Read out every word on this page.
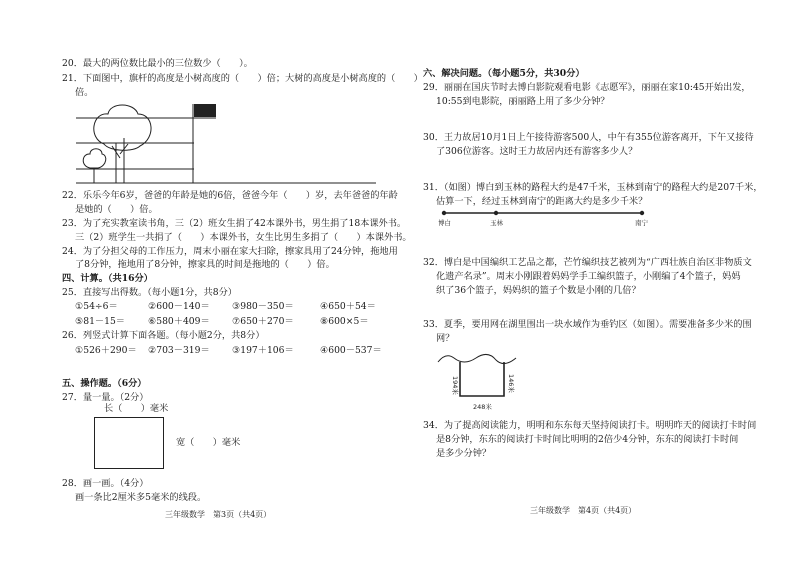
20．最大的两位数比最小的三位数少（　　）。
21．下面图中，旗杆的高度是小树高度的（　　）倍；大树的高度是小树高度的（　　）
倍。
22．乐乐今年6岁，爸爸的年龄是她的6倍，爸爸今年（　　）岁，去年爸爸的年龄
是她的（　　）倍。
23．为了充实教室读书角，三（2）班女生捐了42本课外书，男生捐了18本课外书。
三（2）班学生一共捐了（　　）本课外书，女生比男生多捐了（　　）本课外书。
24．为了分担父母的工作压力，周末小丽在家大扫除，擦家具用了24分钟，拖地用
了8分钟，拖地用了8分钟，擦家具的时间是拖地的（　　）倍。
四、计算。（共16分）
25．直接写出得数。（每小题1分，共8分）
①54÷6＝	②600－140＝ ③980－350＝	④650＋54＝
⑤81－15＝	⑥580＋409＝ ⑦650＋270＝	⑧600×5＝
26．列竖式计算下面各题。（每小题2分，共8分）
①526＋290＝ ②703－319＝ ③197＋106＝	④600－537＝
五、操作题。（6分）
27．量一量。（2分）
长（　　）毫米
宽（　　）毫米
28．画一画。（4分）
画一条比2厘米多5毫米的线段。
三年级数学　第3页（共4页）
六、解决问题。（每小题5分，共30分）
29．丽丽在国庆节时去博白影院观看电影《志愿军》，丽丽在家10:45开始出发，
10:55到电影院，丽丽路上用了多少分钟？
30．王力故居10月1日上午接待游客500人，中午有355位游客离开，下午又接待
了306位游客。这时王力故居内还有游客多少人？
31．（如图）博白到玉林的路程大约是47千米，玉林到南宁的路程大约是207千米，
估算一下，经过玉林到南宁的距离大约是多少千米？
博白	玉林	南宁
32．博白是中国编织工艺品之都，芒竹编织技艺被列为“广西壮族自治区非物质文
化遗产名录”。周末小刚跟着妈妈学手工编织篮子，小刚编了4个篮子，妈妈
织了36个篮子，妈妈织的篮子个数是小刚的几倍？
33．夏季，要用网在湖里围出一块水域作为垂钓区（如图）。需要准备多少米的围
网？
194米	146米
248米
34．为了提高阅读能力，明明和东东每天坚持阅读打卡。明明昨天的阅读打卡时间
是8分钟，东东的阅读打卡时间比明明的2倍少4分钟，东东的阅读打卡时间
是多少分钟？
三年级数学　第4页（共4页）
